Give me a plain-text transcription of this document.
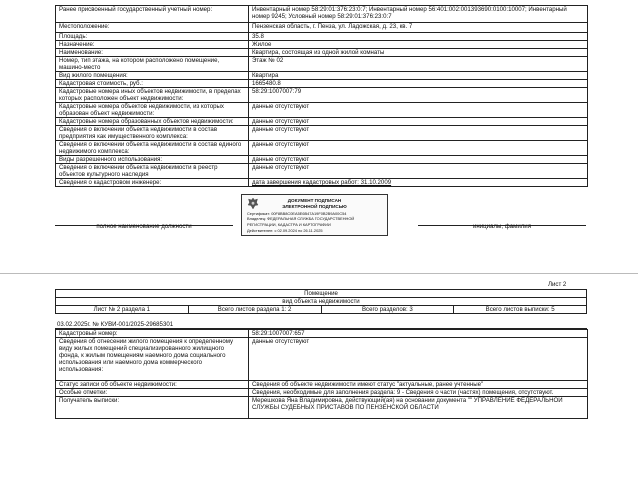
Ранее присвоенный государственный учетный номер:	Инвентарный номер 58:29:01:376:23:0:7; Инвентарный номер 56:401:002:001393690:0100:10007; Инвентарный номер 9245; Условный номер 58:29:01:376:23:0:7
Местоположение:	Пензенская область, г. Пенза, ул. Ладожская, д. 23, кв. 7
Площадь:	35.8
Назначение:	Жилое
Наименование:	Квартира, состоящая из одной жилой комнаты
Номер, тип этажа, на котором расположено помещение, машино-место	Этаж № 02
Вид жилого помещения:	Квартира
Кадастровая стоимость, руб.:	1665480.8
Кадастровые номера иных объектов недвижимости, в пределах которых расположен объект недвижимости:	58:29:1007007:79
Кадастровые номера объектов недвижимости, из которых образован объект недвижимости:	данные отсутствуют
Кадастровые номера образованных объектов недвижимости:	данные отсутствуют
Сведения о включении объекта недвижимости в состав предприятия как имущественного комплекса:	данные отсутствуют
Сведения о включении объекта недвижимости в состав единого недвижимого комплекса:	данные отсутствуют
Виды разрешенного использования:	данные отсутствуют
Сведения о включении объекта недвижимости в реестр объектов культурного наследия	данные отсутствуют
Сведения о кадастровом инженере:	дата завершения кадастровых работ: 31.10.2009
полное наименование должности	инициалы, фамилия
ДОКУМЕНТ ПОДПИСАН
ЭЛЕКТРОННОЙ ПОДПИСЬЮ
Сертификат: 00F8BB8C0EA5E6B47A19F0B2B9A00C54
Владелец: ФЕДЕРАЛЬНАЯ СЛУЖБА ГОСУДАРСТВЕННОЙ
РЕГИСТРАЦИИ, КАДАСТРА И КАРТОГРАФИИ
Действителен: с 02.09.2024 по 26.11.2025
Лист 2
Помещение
вид объекта недвижимости
Лист № 2 раздела 1	Всего листов раздела 1: 2	Всего разделов: 3	Всего листов выписки: 5
03.02.2025г. № КУВИ-001/2025-29685301
Кадастровый номер:	58:29:1007007:657
Сведения об отнесении жилого помещения к определенному виду жилых помещений специализированного жилищного фонда, к жилым помещениям наемного дома социального использования или наемного дома коммерческого использования:	данные отсутствуют
Статус записи об объекте недвижимости:	Сведения об объекте недвижимости имеют статус "актуальные, ранее учтенные"
Особые отметки:	Сведения, необходимые для заполнения раздела: 9 - Сведения о части (частях) помещения, отсутствуют.
Получатель выписки:	Мерешкова Яна Владимировна, действующий(ая) на основании документа "" УПРАВЛЕНИЕ ФЕДЕРАЛЬНОЙ СЛУЖБЫ СУДЕБНЫХ ПРИСТАВОВ ПО ПЕНЗЕНСКОЙ ОБЛАСТИ
